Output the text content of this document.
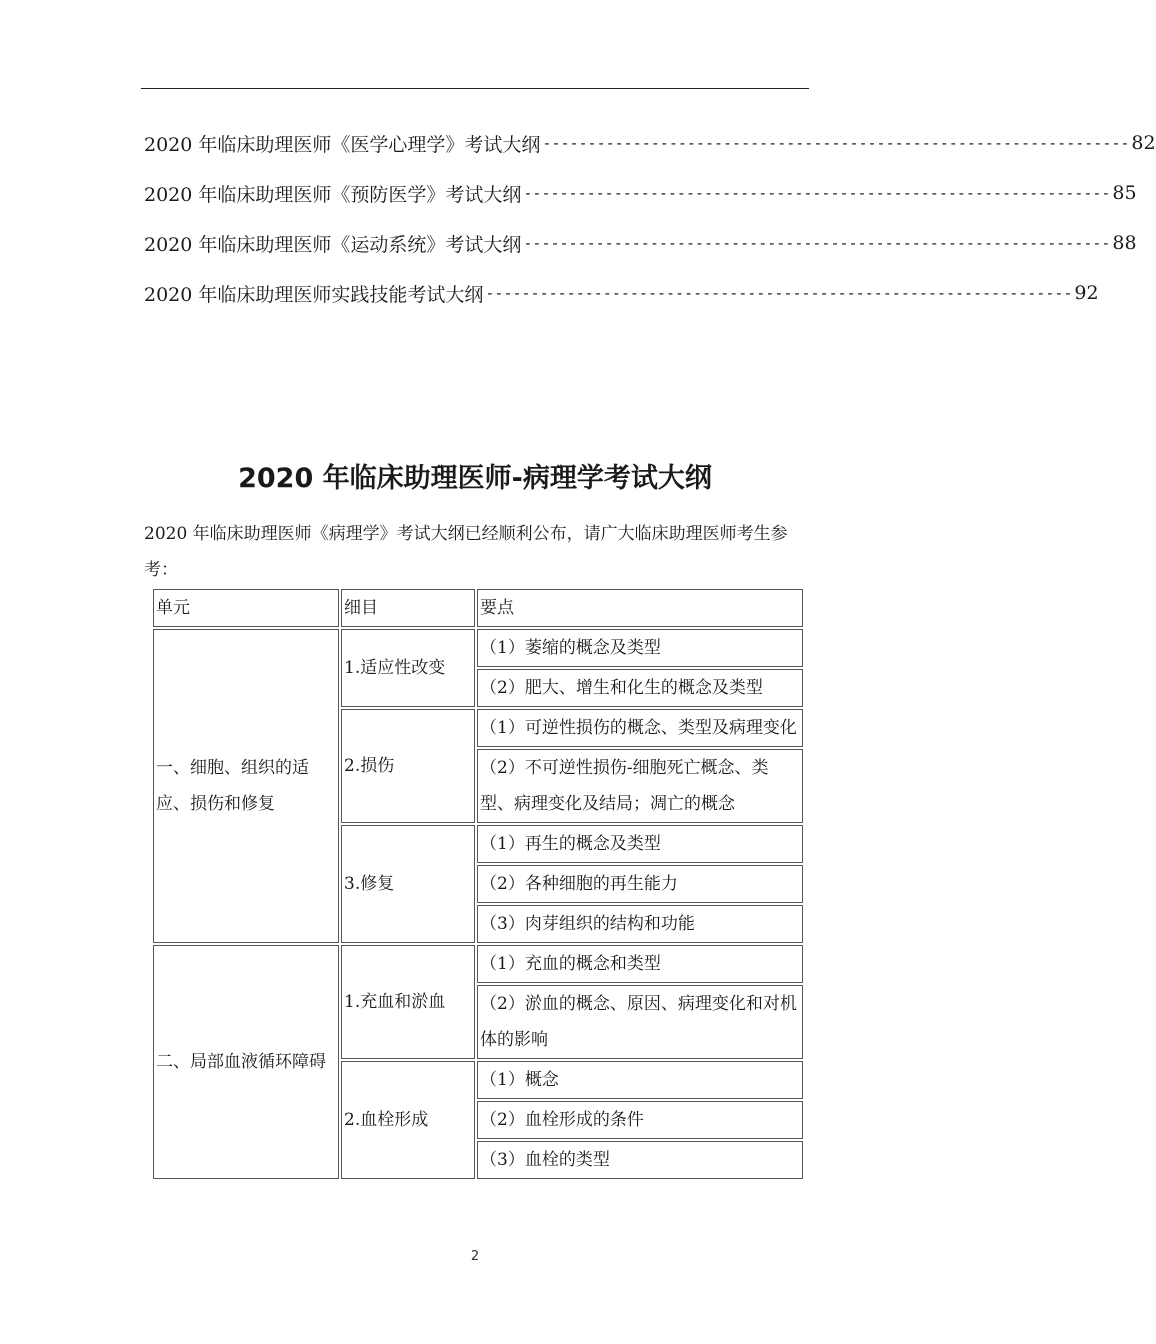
2020 年临床助理医师《医学心理学》考试大纲 ----------------------------------------------------------------- 82
2020 年临床助理医师《预防医学》考试大纲 ----------------------------------------------------------------- 85
2020 年临床助理医师《运动系统》考试大纲 ----------------------------------------------------------------- 88
2020 年临床助理医师实践技能考试大纲 ----------------------------------------------------------------- 92
2020 年临床助理医师-病理学考试大纲
2020 年临床助理医师《病理学》考试大纲已经顺利公布，请广大临床助理医师考生参考：
单元	细目	要点
一、细胞、组织的适应、损伤和修复	1.适应性改变	（1）萎缩的概念及类型
		（2）肥大、增生和化生的概念及类型
	2.损伤	（1）可逆性损伤的概念、类型及病理变化
		（2）不可逆性损伤-细胞死亡概念、类型、病理变化及结局；凋亡的概念
	3.修复	（1）再生的概念及类型
		（2）各种细胞的再生能力
		（3）肉芽组织的结构和功能
二、局部血液循环障碍	1.充血和淤血	（1）充血的概念和类型
		（2）淤血的概念、原因、病理变化和对机体的影响
	2.血栓形成	（1）概念
		（2）血栓形成的条件
		（3）血栓的类型
2
